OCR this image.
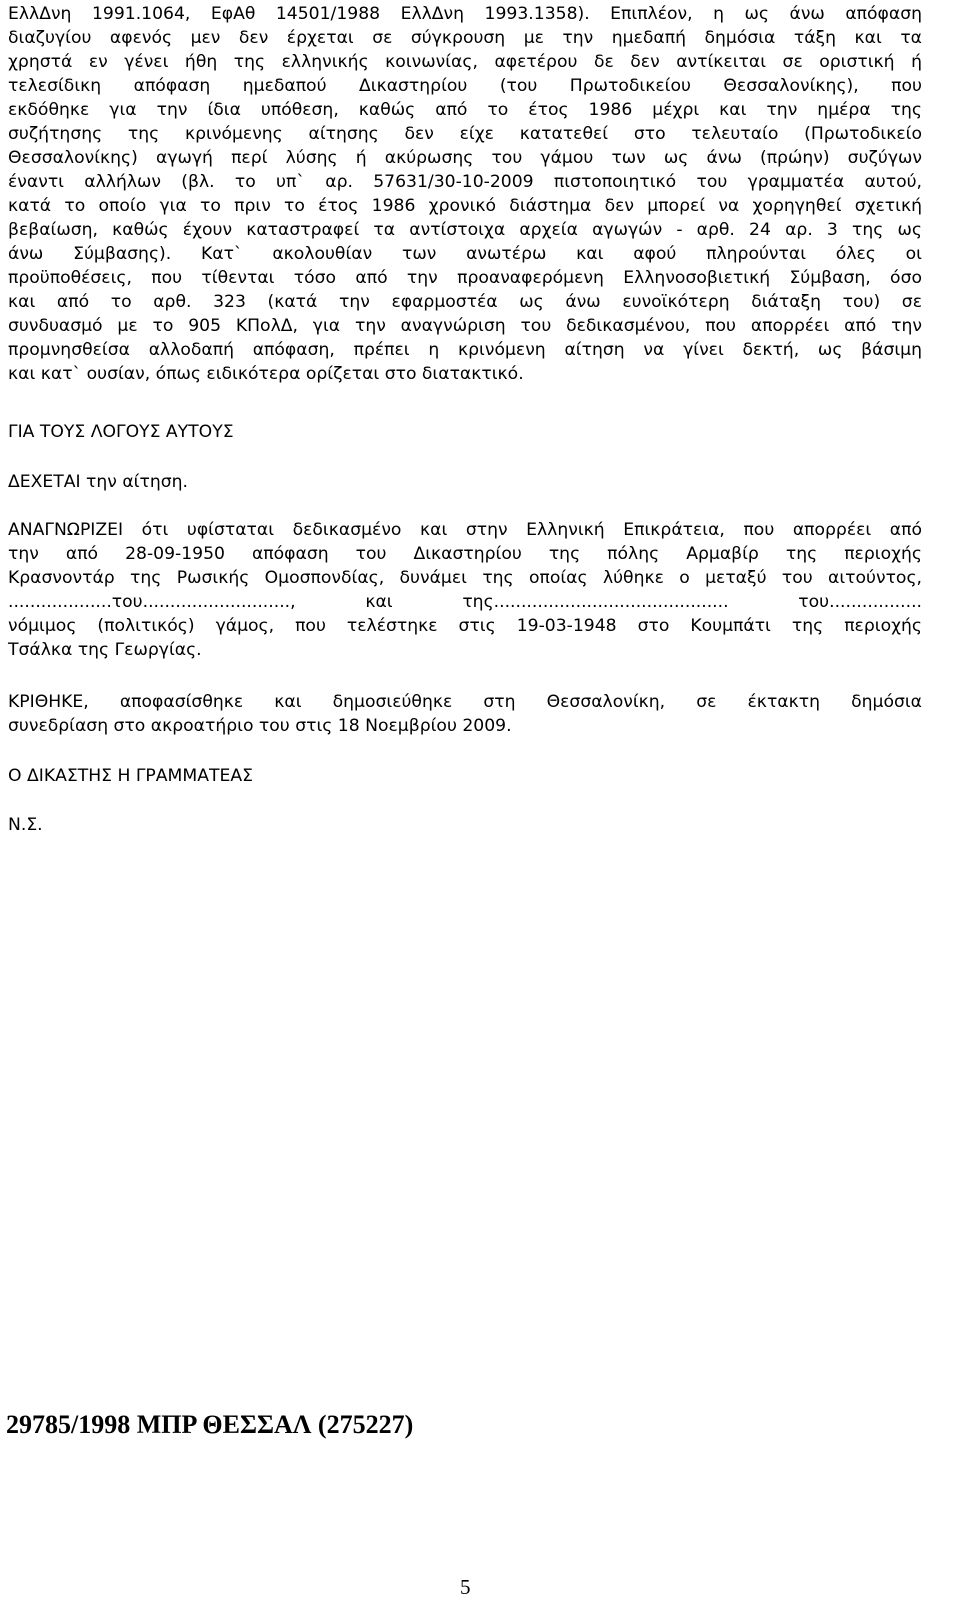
ΕλλΔνη 1991.1064, ΕφΑθ 14501/1988 ΕλλΔνη 1993.1358). Επιπλέον, η ως άνω απόφαση
διαζυγίου αφενός μεν δεν έρχεται σε σύγκρουση με την ημεδαπή δημόσια τάξη και τα
χρηστά εν γένει ήθη της ελληνικής κοινωνίας, αφετέρου δε δεν αντίκειται σε οριστική ή
τελεσίδικη απόφαση ημεδαπού Δικαστηρίου (του Πρωτοδικείου Θεσσαλονίκης), που
εκδόθηκε για την ίδια υπόθεση, καθώς από το έτος 1986 μέχρι και την ημέρα της
συζήτησης της κρινόμενης αίτησης δεν είχε κατατεθεί στο τελευταίο (Πρωτοδικείο
Θεσσαλονίκης) αγωγή περί λύσης ή ακύρωσης του γάμου των ως άνω (πρώην) συζύγων
έναντι αλλήλων (βλ. το υπ` αρ. 57631/30-10-2009 πιστοποιητικό του γραμματέα αυτού,
κατά το οποίο για το πριν το έτος 1986 χρονικό διάστημα δεν μπορεί να χορηγηθεί σχετική
βεβαίωση, καθώς έχουν καταστραφεί τα αντίστοιχα αρχεία αγωγών - αρθ. 24 αρ. 3 της ως
άνω Σύμβασης). Κατ` ακολουθίαν των ανωτέρω και αφού πληρούνται όλες οι
προϋποθέσεις, που τίθενται τόσο από την προαναφερόμενη Ελληνοσοβιετική Σύμβαση, όσο
και από το αρθ. 323 (κατά την εφαρμοστέα ως άνω ευνοϊκότερη διάταξη του) σε
συνδυασμό με το 905 ΚΠολΔ, για την αναγνώριση του δεδικασμένου, που απορρέει από την
προμνησθείσα αλλοδαπή απόφαση, πρέπει η κρινόμενη αίτηση να γίνει δεκτή, ως βάσιμη
και κατ` ουσίαν, όπως ειδικότερα ορίζεται στο διατακτικό.
ΓΙΑ ΤΟΥΣ ΛΟΓΟΥΣ ΑΥΤΟΥΣ
ΔΕΧΕΤΑΙ την αίτηση.
ΑΝΑΓΝΩΡΙΖΕΙ ότι υφίσταται δεδικασμένο και στην Ελληνική Επικράτεια, που απορρέει από
την από 28-09-1950 απόφαση του Δικαστηρίου της πόλης Αρμαβίρ της περιοχής
Κρασνοντάρ της Ρωσικής Ομοσπονδίας, δυνάμει της οποίας λύθηκε ο μεταξύ του αιτούντος,
...................του..........................., και της........................................... του.................
νόμιμος (πολιτικός) γάμος, που τελέστηκε στις 19-03-1948 στο Κουμπάτι της περιοχής
Τσάλκα της Γεωργίας.
ΚΡΙΘΗΚΕ, αποφασίσθηκε και δημοσιεύθηκε στη Θεσσαλονίκη, σε έκτακτη δημόσια
συνεδρίαση στο ακροατήριο του στις 18 Νοεμβρίου 2009.
Ο ΔΙΚΑΣΤΗΣ Η ΓΡΑΜΜΑΤΕΑΣ
Ν.Σ.
29785/1998 ΜΠΡ ΘΕΣΣΑΛ (275227)
5
